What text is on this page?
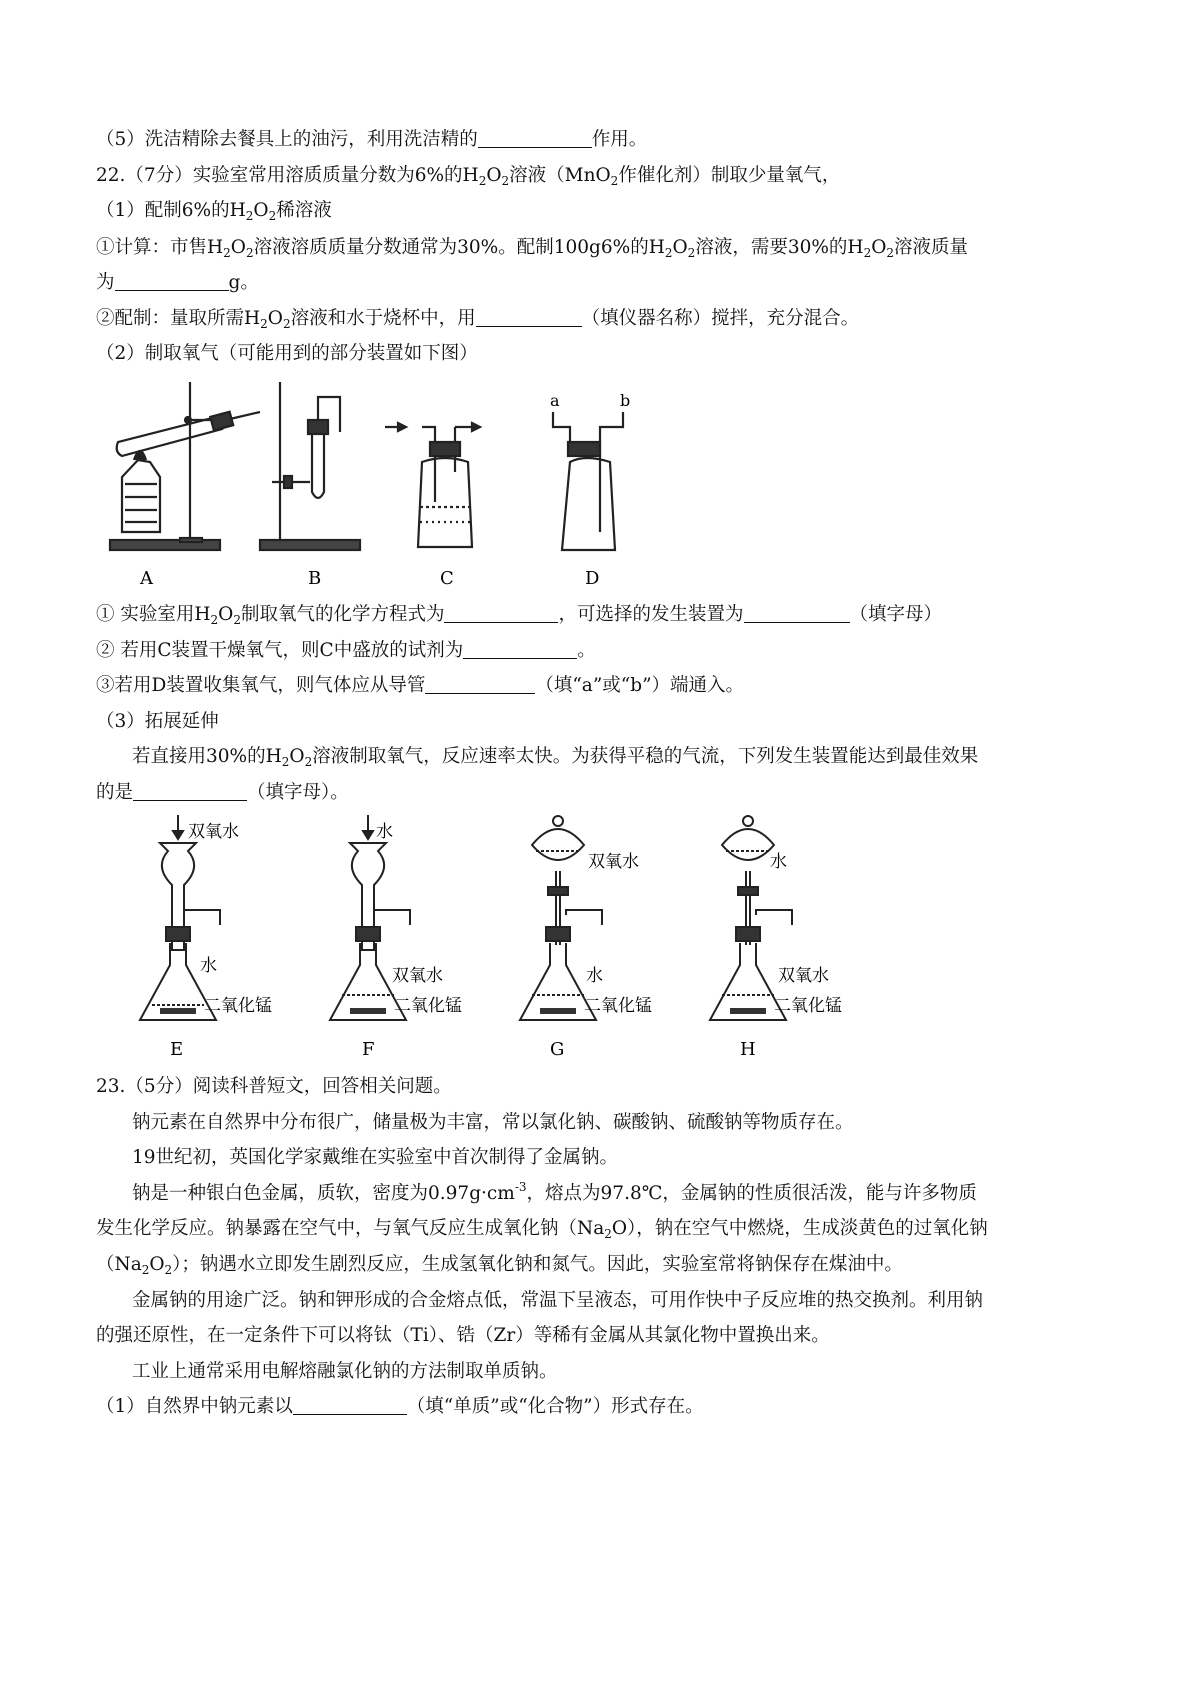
（5）洗洁精除去餐具上的油污，利用洗洁精的	作用。
22.（7分）实验室常用溶质质量分数为6%的$H_2O_2$溶液（MnO$_2$作催化剂）制取少量氧气，
（1）配制6%的$H_2O_2$稀溶液
①计算：市售$H_2O_2$溶液溶质质量分数通常为30%。配制100g6%的$H_2O_2$溶液，需要30%的$H_2O_2$溶液质量
为	g。
②配制：量取所需$H_2O_2$溶液和水于烧杯中，用	（填仪器名称）搅拌，充分混合。
（2）制取氧气（可能用到的部分装置如下图）
A	B	C	D
a	b
① 实验室用$H_2O_2$制取氧气的化学方程式为	，可选择的发生装置为	（填字母）
② 若用C装置干燥氧气，则C中盛放的试剂为	。
③若用D装置收集氧气，则气体应从导管	（填“a”或“b”）端通入。
（3）拓展延伸
若直接用30%的$H_2O_2$溶液制取氧气，反应速率太快。为获得平稳的气流，下列发生装置能达到最佳效果
的是	（填字母）。
双氧水
水
二氧化锰
水
双氧水
二氧化锰
双氧水
水
二氧化锰
水
双氧水
二氧化锰
E	F	G	H
23.（5分）阅读科普短文，回答相关问题。
钠元素在自然界中分布很广，储量极为丰富，常以氯化钠、碳酸钠、硫酸钠等物质存在。
19世纪初，英国化学家戴维在实验室中首次制得了金属钠。
钠是一种银白色金属，质软，密度为$0.97g\cdot cm^{-3}$，熔点为97.8℃，金属钠的性质很活泼，能与许多物质
发生化学反应。钠暴露在空气中，与氧气反应生成氧化钠$(Na_2O)$，钠在空气中燃烧，生成淡黄色的过氧化钠
$(Na_2O_2)$；钠遇水立即发生剧烈反应，生成氢氧化钠和氮气。因此，实验室常将钠保存在煤油中。
金属钠的用途广泛。钠和钾形成的合金熔点低，常温下呈液态，可用作快中子反应堆的热交换剂。利用钠
的强还原性，在一定条件下可以将钛（Ti）、锆（Zr）等稀有金属从其氯化物中置换出来。
工业上通常采用电解熔融氯化钠的方法制取单质钠。
（1）自然界中钠元素以	（填“单质”或“化合物”）形式存在。
